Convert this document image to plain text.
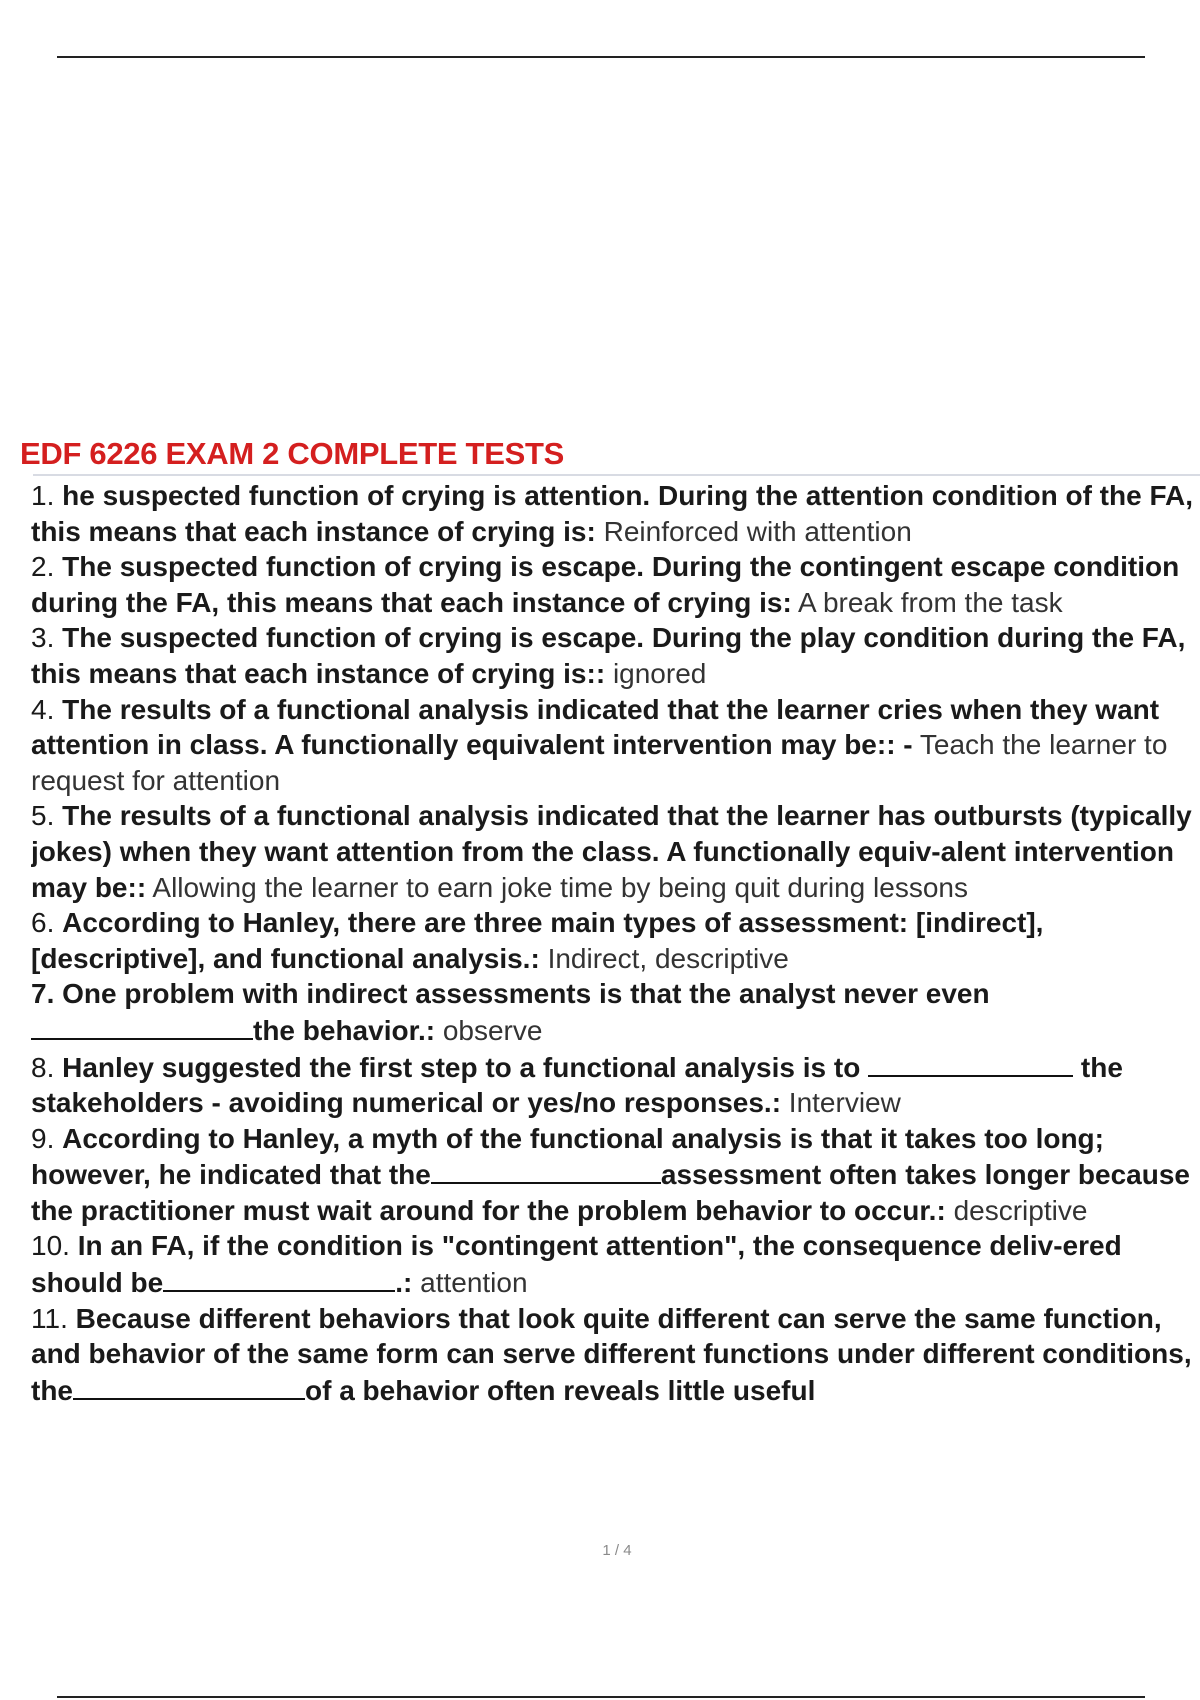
EDF 6226 EXAM 2 COMPLETE TESTS
1. he suspected function of crying is attention. During the attention condition of the FA, this means that each instance of crying is: Reinforced with attention
2. The suspected function of crying is escape. During the contingent escape condition during the FA, this means that each instance of crying is: A break from the task
3. The suspected function of crying is escape. During the play condition during the FA, this means that each instance of crying is:: ignored
4. The results of a functional analysis indicated that the learner cries when they want attention in class. A functionally equivalent intervention may be:: - Teach the learner to request for attention
5. The results of a functional analysis indicated that the learner has outbursts (typically jokes) when they want attention from the class. A functionally equiv-alent intervention may be:: Allowing the learner to earn joke time by being quit during lessons
6. According to Hanley, there are three main types of assessment: [indirect], [descriptive], and functional analysis.: Indirect, descriptive
7. One problem with indirect assessments is that the analyst never even the behavior.: observe
8. Hanley suggested the first step to a functional analysis is to	the stakeholders - avoiding numerical or yes/no responses.: Interview
9. According to Hanley, a myth of the functional analysis is that it takes too long; however, he indicated that the	assessment often takes longer because the practitioner must wait around for the problem behavior to occur.: descriptive
10. In an FA, if the condition is "contingent attention", the consequence deliv-ered should be	.: attention
11. Because different behaviors that look quite different can serve the same function, and behavior of the same form can serve different functions under different conditions, the	of a behavior often reveals little useful
1 / 4
